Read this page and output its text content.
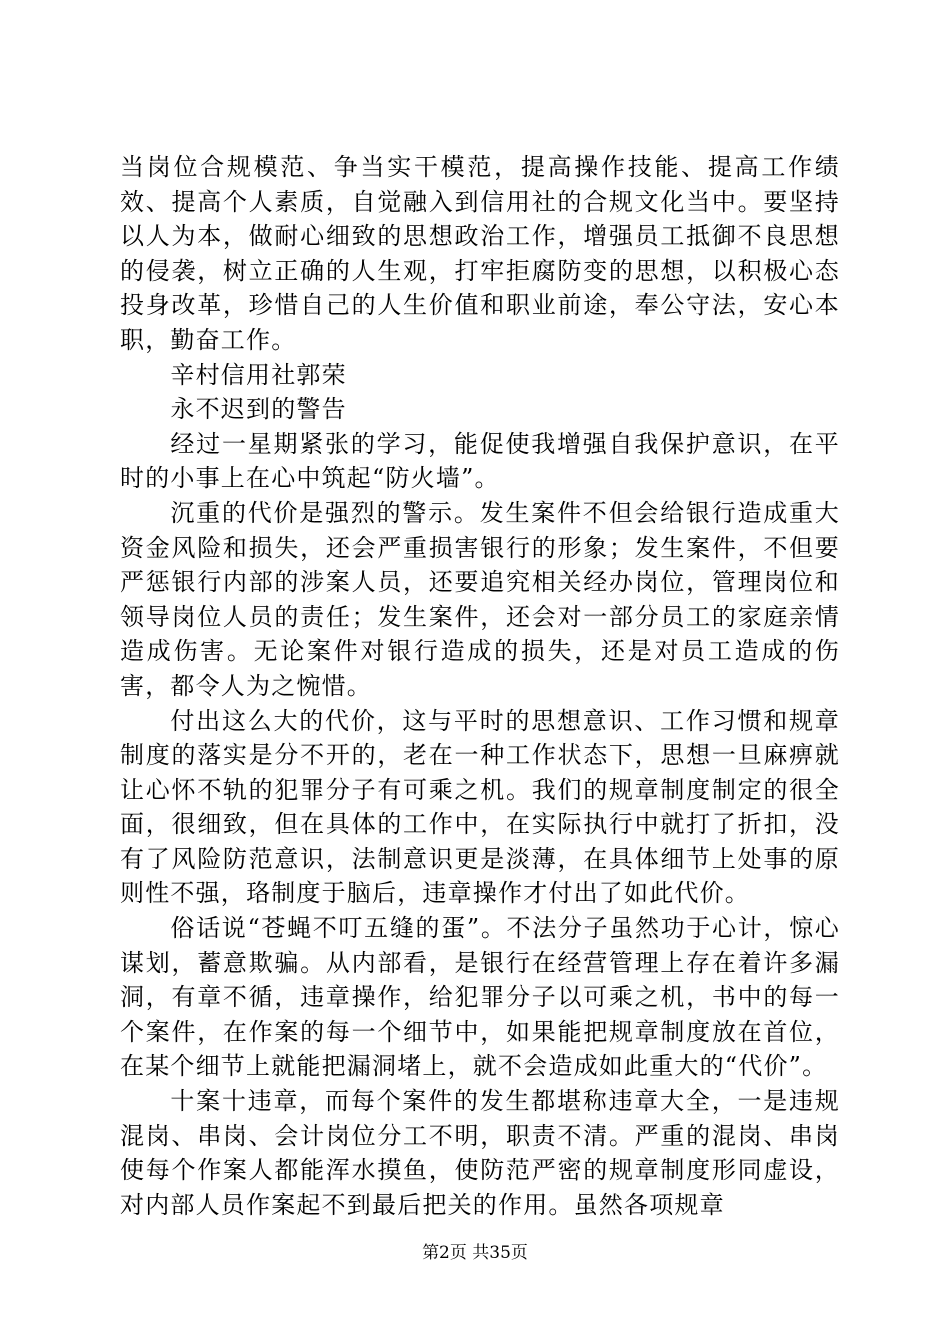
当岗位合规模范、争当实干模范，提高操作技能、提高工作绩效、提高个人素质，自觉融入到信用社的合规文化当中。要坚持以人为本，做耐心细致的思想政治工作，增强员工抵御不良思想的侵袭，树立正确的人生观，打牢拒腐防变的思想，以积极心态投身改革，珍惜自己的人生价值和职业前途，奉公守法，安心本职，勤奋工作。

辛村信用社郭荣

永不迟到的警告

经过一星期紧张的学习，能促使我增强自我保护意识，在平时的小事上在心中筑起“防火墙”。

沉重的代价是强烈的警示。发生案件不但会给银行造成重大资金风险和损失，还会严重损害银行的形象；发生案件，不但要严惩银行内部的涉案人员，还要追究相关经办岗位，管理岗位和领导岗位人员的责任；发生案件，还会对一部分员工的家庭亲情造成伤害。无论案件对银行造成的损失，还是对员工造成的伤害，都令人为之惋惜。

付出这么大的代价，这与平时的思想意识、工作习惯和规章制度的落实是分不开的，老在一种工作状态下，思想一旦麻痹就让心怀不轨的犯罪分子有可乘之机。我们的规章制度制定的很全面，很细致，但在具体的工作中，在实际执行中就打了折扣，没有了风险防范意识，法制意识更是淡薄，在具体细节上处事的原则性不强，珞制度于脑后，违章操作才付出了如此代价。

俗话说“苍蝇不叮五缝的蛋”。不法分子虽然功于心计，惊心谋划，蓄意欺骗。从内部看，是银行在经营管理上存在着许多漏洞，有章不循，违章操作，给犯罪分子以可乘之机，书中的每一个案件，在作案的每一个细节中，如果能把规章制度放在首位，在某个细节上就能把漏洞堵上，就不会造成如此重大的“代价”。

十案十违章，而每个案件的发生都堪称违章大全，一是违规混岗、串岗、会计岗位分工不明，职责不清。严重的混岗、串岗使每个作案人都能浑水摸鱼，使防范严密的规章制度形同虚设，对内部人员作案起不到最后把关的作用。虽然各项规章

第2页 共35页
